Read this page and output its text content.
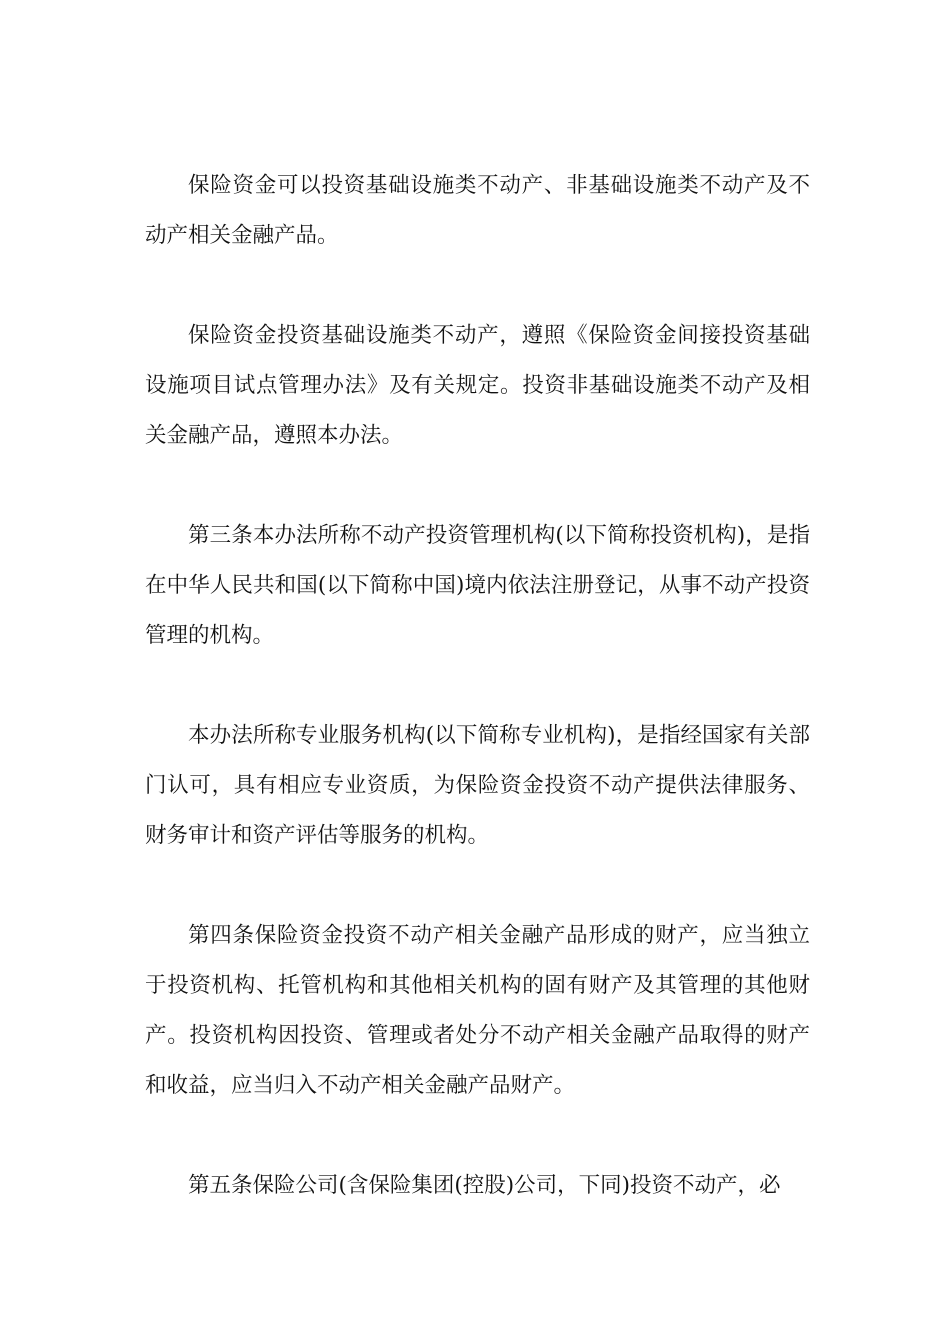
保险资金可以投资基础设施类不动产、非基础设施类不动产及不动产相关金融产品。

保险资金投资基础设施类不动产，遵照《保险资金间接投资基础设施项目试点管理办法》及有关规定。投资非基础设施类不动产及相关金融产品，遵照本办法。

第三条本办法所称不动产投资管理机构(以下简称投资机构)，是指在中华人民共和国(以下简称中国)境内依法注册登记，从事不动产投资管理的机构。

本办法所称专业服务机构(以下简称专业机构)，是指经国家有关部门认可，具有相应专业资质，为保险资金投资不动产提供法律服务、财务审计和资产评估等服务的机构。

第四条保险资金投资不动产相关金融产品形成的财产，应当独立于投资机构、托管机构和其他相关机构的固有财产及其管理的其他财产。投资机构因投资、管理或者处分不动产相关金融产品取得的财产和收益，应当归入不动产相关金融产品财产。

第五条保险公司(含保险集团(控股)公司，下同)投资不动产，必
